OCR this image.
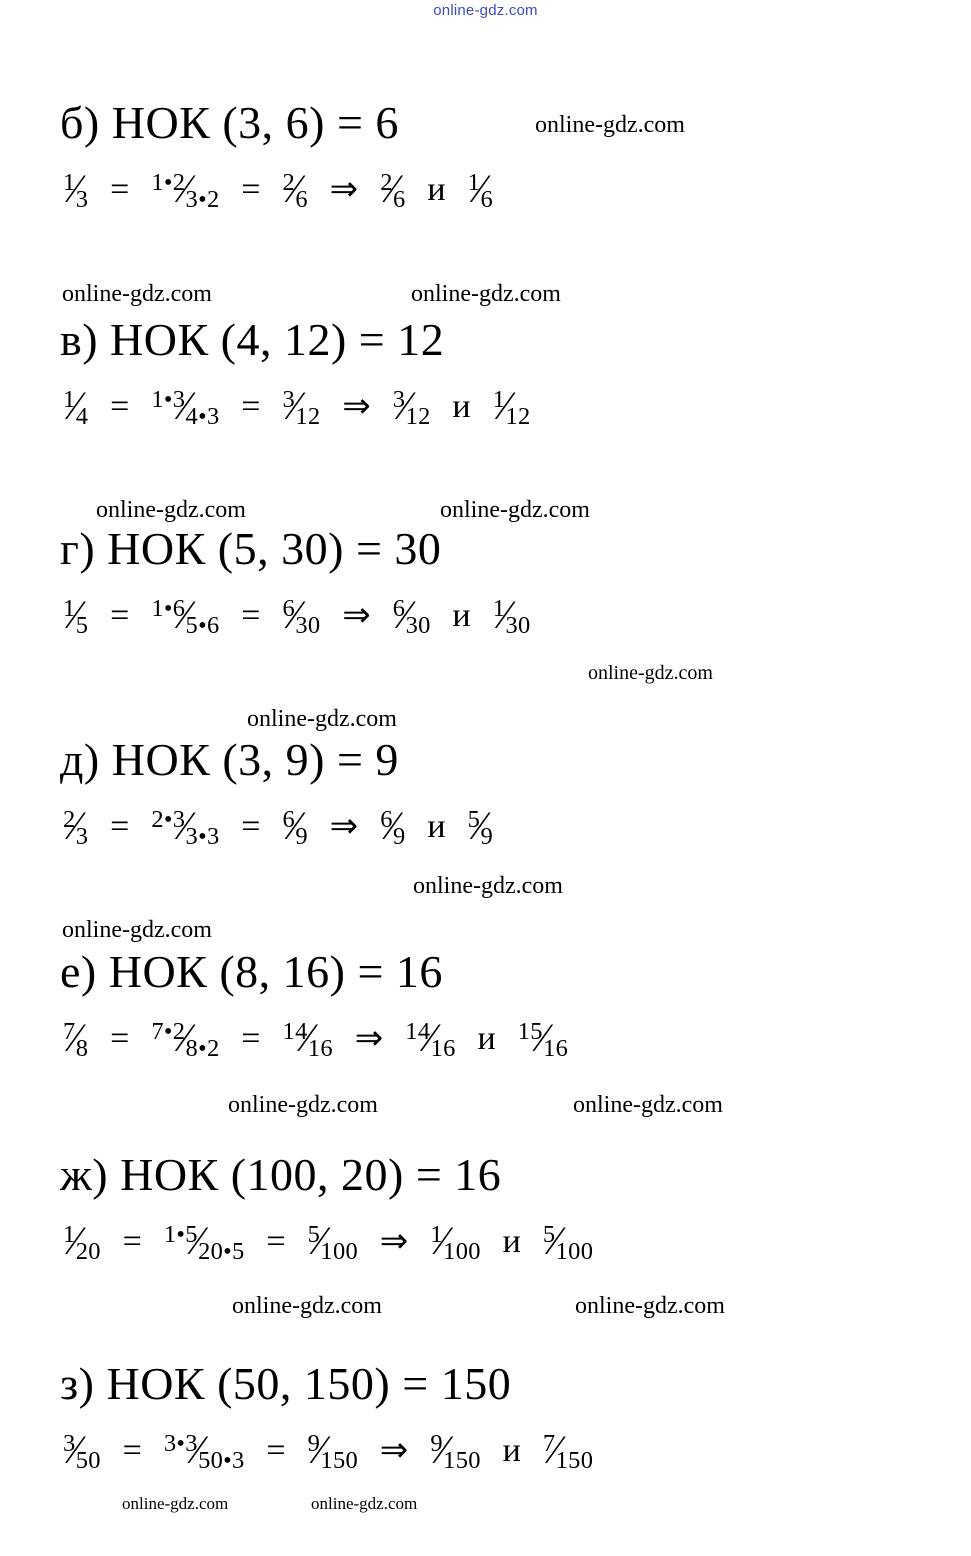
online-gdz.com
online-gdz.com
online-gdz.com	online-gdz.com
online-gdz.com	online-gdz.com
online-gdz.com
online-gdz.com
online-gdz.com
online-gdz.com
online-gdz.com	online-gdz.com
online-gdz.com	online-gdz.com
online-gdz.com	online-gdz.com
б) НОК (3, 6) = 6
$^1⁄_3$ = $^{1•2}⁄_{3•2}$ = $^2⁄_6$ ⇒ $^2⁄_6$ и $^1⁄_6$
в) НОК (4, 12) = 12
$^1⁄_4$ = $^{1•3}⁄_{4•3}$ = $^3⁄_{12}$ ⇒ $^3⁄_{12}$ и $^1⁄_{12}$
г) НОК (5, 30) = 30
$^1⁄_5$ = $^{1•6}⁄_{5•6}$ = $^6⁄_{30}$ ⇒ $^6⁄_{30}$ и $^1⁄_{30}$
д) НОК (3, 9) = 9
$^2⁄_3$ = $^{2•3}⁄_{3•3}$ = $^6⁄_9$ ⇒ $^6⁄_9$ и $^5⁄_9$
е) НОК (8, 16) = 16
$^7⁄_8$ = $^{7•2}⁄_{8•2}$ = $^{14}⁄_{16}$ ⇒ $^{14}⁄_{16}$ и $^{15}⁄_{16}$
ж) НОК (100, 20) = 16
$^1⁄_{20}$ = $^{1•5}⁄_{20•5}$ = $^5⁄_{100}$ ⇒ $^1⁄_{100}$ и $^5⁄_{100}$
з) НОК (50, 150) = 150
$^3⁄_{50}$ = $^{3•3}⁄_{50•3}$ = $^9⁄_{150}$ ⇒ $^9⁄_{150}$ и $^7⁄_{150}$
